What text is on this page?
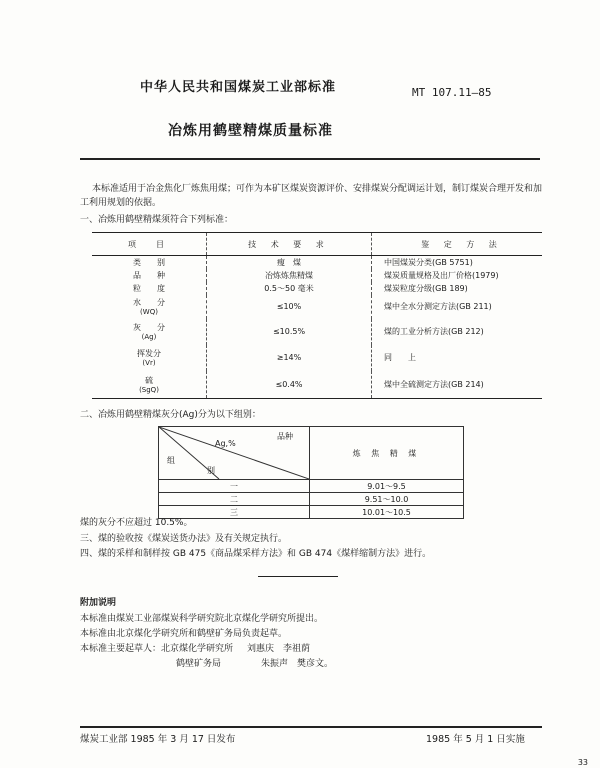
中华人民共和国煤炭工业部标准	MT 107.11—85
冶炼用鹤壁精煤质量标准
本标准适用于冶金焦化厂炼焦用煤；可作为本矿区煤炭资源评价、安排煤炭分配调运计划，制订煤炭合理开发和加工利用规划的依据。
一、冶炼用鹤壁精煤须符合下列标准：
项　目	技 术 要 求	鉴 定 方 法
类　　别	瘦　煤	中国煤炭分类(GB 5751)
品　　种	冶炼炼焦精煤	煤炭质量规格及出厂价格(1979)
粒　　度	0.5～50 毫米	煤炭粒度分级(GB 189)
水　　分
(WQ)	≤10%	煤中全水分测定方法(GB 211)
灰　　分
(Ag)	≤10.5%	煤的工业分析方法(GB 212)
挥发分
(Vr)	≥14%	同　　上
硫
(SgQ)	≤0.4%	煤中全硫测定方法(GB 214)
二、冶炼用鹤壁精煤灰分(Ag)分为以下组别：
品种
Ag,%
组
别	炼 焦 精 煤
一	9.01～9.5
二	9.51～10.0
三	10.01～10.5
煤的灰分不应超过 10.5%。
三、煤的验收按《煤炭送货办法》及有关规定执行。
四、煤的采样和制样按 GB 475《商品煤采样方法》和 GB 474《煤样缩制方法》进行。
附加说明
本标准由煤炭工业部煤炭科学研究院北京煤化学研究所提出。
本标准由北京煤化学研究所和鹤壁矿务局负责起草。
本标准主要起草人：北京煤化学研究所 刘惠庆　李祖荫
鹤壁矿务局	朱振声　樊彦文。
煤炭工业部 1985 年 3 月 17 日发布	1985 年 5 月 1 日实施
33
